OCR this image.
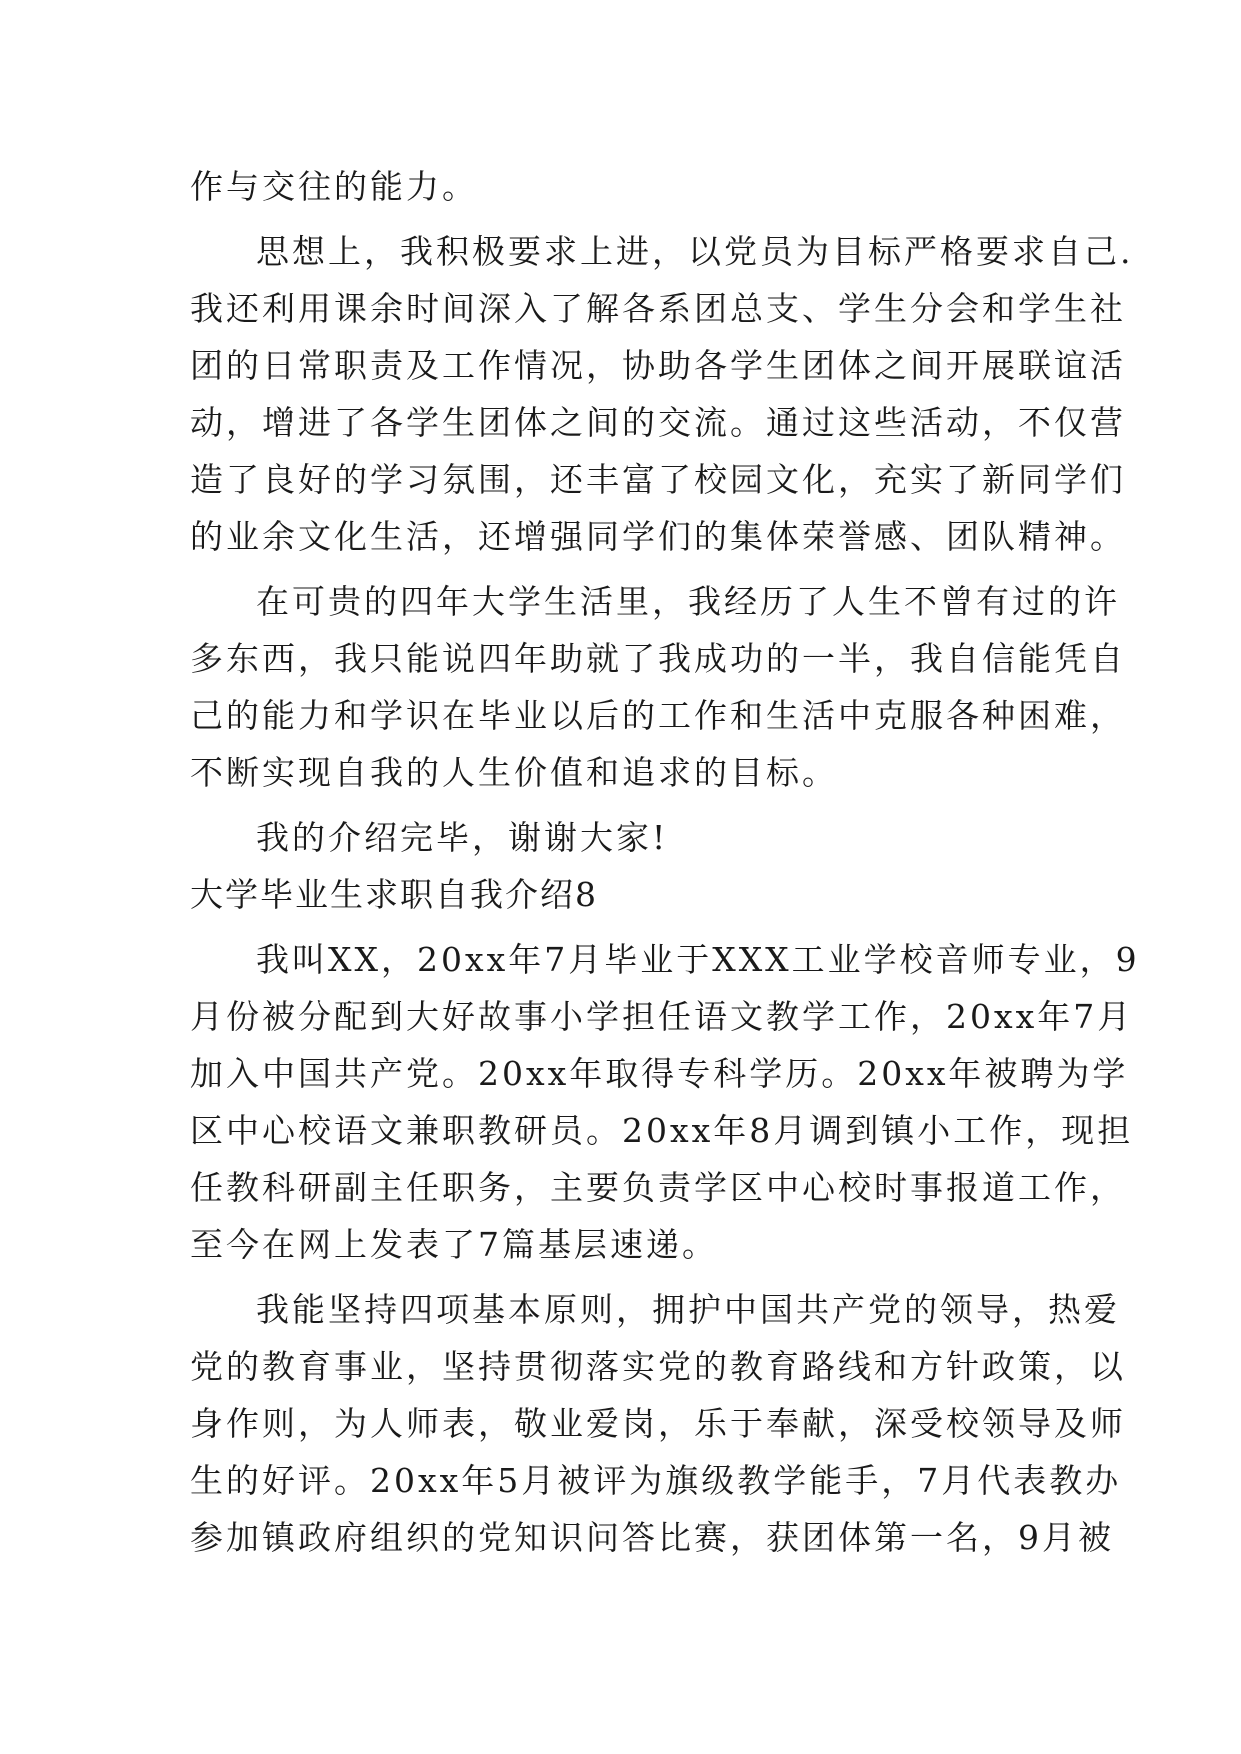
作与交往的能力。
思想上，我积极要求上进，以党员为目标严格要求自己.
我还利用课余时间深入了解各系团总支、学生分会和学生社
团的日常职责及工作情况，协助各学生团体之间开展联谊活
动，增进了各学生团体之间的交流。通过这些活动，不仅营
造了良好的学习氛围，还丰富了校园文化，充实了新同学们
的业余文化生活，还增强同学们的集体荣誉感、团队精神。
在可贵的四年大学生活里，我经历了人生不曾有过的许
多东西，我只能说四年助就了我成功的一半，我自信能凭自
己的能力和学识在毕业以后的工作和生活中克服各种困难，
不断实现自我的人生价值和追求的目标。
我的介绍完毕，谢谢大家!
大学毕业生求职自我介绍8
我叫XX，20xx年7月毕业于XXX工业学校音师专业，9
月份被分配到大好故事小学担任语文教学工作，20xx年7月
加入中国共产党。20xx年取得专科学历。20xx年被聘为学
区中心校语文兼职教研员。20xx年8月调到镇小工作，现担
任教科研副主任职务，主要负责学区中心校时事报道工作，
至今在网上发表了7篇基层速递。
我能坚持四项基本原则，拥护中国共产党的领导，热爱
党的教育事业，坚持贯彻落实党的教育路线和方针政策，以
身作则，为人师表，敬业爱岗，乐于奉献，深受校领导及师
生的好评。20xx年5月被评为旗级教学能手，7月代表教办
参加镇政府组织的党知识问答比赛，获团体第一名，9月被
